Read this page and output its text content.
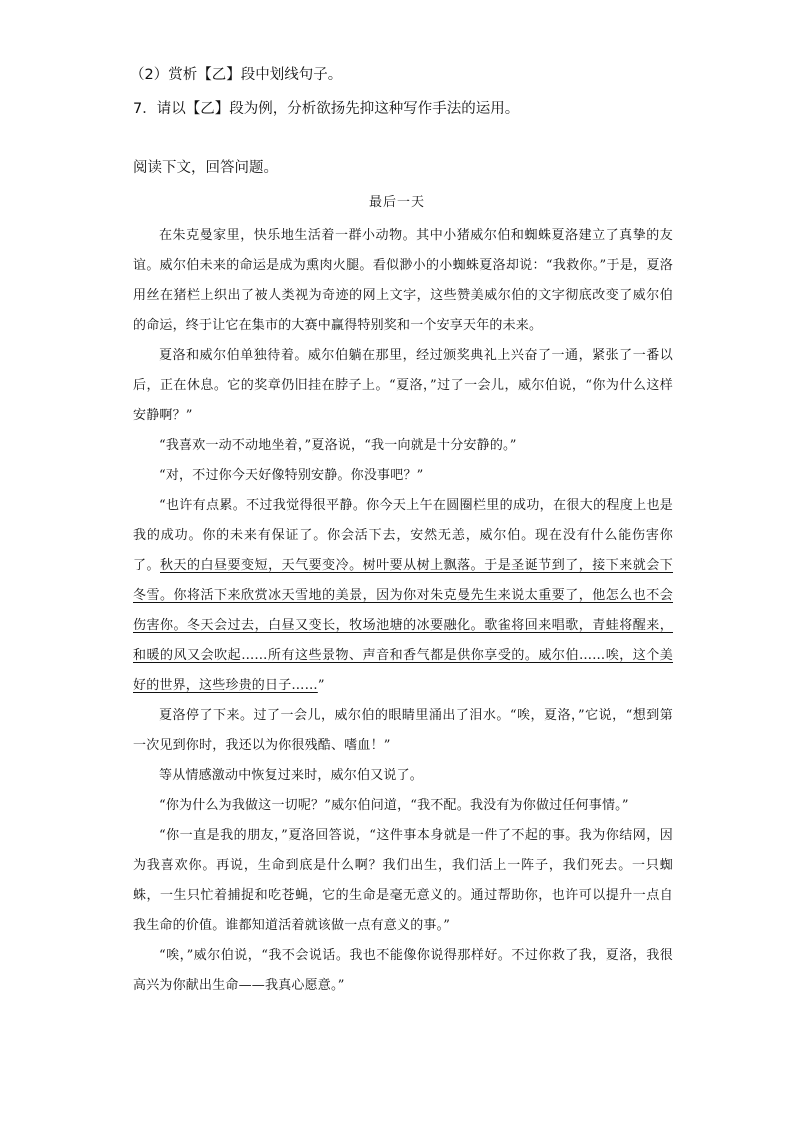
（2）赏析【乙】段中划线句子。
7．请以【乙】段为例，分析欲扬先抑这种写作手法的运用。
阅读下文，回答问题。
最后一天

在朱克曼家里，快乐地生活着一群小动物。其中小猪威尔伯和蜘蛛夏洛建立了真挚的友谊。威尔伯未来的命运是成为熏肉火腿。看似渺小的小蜘蛛夏洛却说：“我救你。”于是，夏洛用丝在猪栏上织出了被人类视为奇迹的网上文字，这些赞美威尔伯的文字彻底改变了威尔伯的命运，终于让它在集市的大赛中赢得特别奖和一个安享天年的未来。

夏洛和威尔伯单独待着。威尔伯躺在那里，经过颁奖典礼上兴奋了一通，紧张了一番以后，正在休息。它的奖章仍旧挂在脖子上。“夏洛，”过了一会儿，威尔伯说，“你为什么这样安静啊？”

“我喜欢一动不动地坐着，”夏洛说，“我一向就是十分安静的。”

“对，不过你今天好像特别安静。你没事吧？”

“也许有点累。不过我觉得很平静。你今天上午在圆圈栏里的成功，在很大的程度上也是我的成功。你的未来有保证了。你会活下去，安然无恙，威尔伯。现在没有什么能伤害你了。秋天的白昼要变短，天气要变冷。树叶要从树上飘落。于是圣诞节到了，接下来就会下冬雪。你将活下来欣赏冰天雪地的美景，因为你对朱克曼先生来说太重要了，他怎么也不会伤害你。冬天会过去，白昼又变长，牧场池塘的冰要融化。歌雀将回来唱歌，青蛙将醒来，和暖的风又会吹起……所有这些景物、声音和香气都是供你享受的。威尔伯……唉，这个美好的世界，这些珍贵的日子……”

夏洛停了下来。过了一会儿，威尔伯的眼睛里涌出了泪水。“唉，夏洛，”它说，“想到第一次见到你时，我还以为你很残酷、嗜血！”

等从情感激动中恢复过来时，威尔伯又说了。

“你为什么为我做这一切呢？”威尔伯问道，“我不配。我没有为你做过任何事情。”

“你一直是我的朋友，”夏洛回答说，“这件事本身就是一件了不起的事。我为你结网，因为我喜欢你。再说，生命到底是什么啊？我们出生，我们活上一阵子，我们死去。一只蜘蛛，一生只忙着捕捉和吃苍蝇，它的生命是毫无意义的。通过帮助你，也许可以提升一点自我生命的价值。谁都知道活着就该做一点有意义的事。”

“唉，”威尔伯说，“我不会说话。我也不能像你说得那样好。不过你救了我，夏洛，我很高兴为你献出生命——我真心愿意。”
